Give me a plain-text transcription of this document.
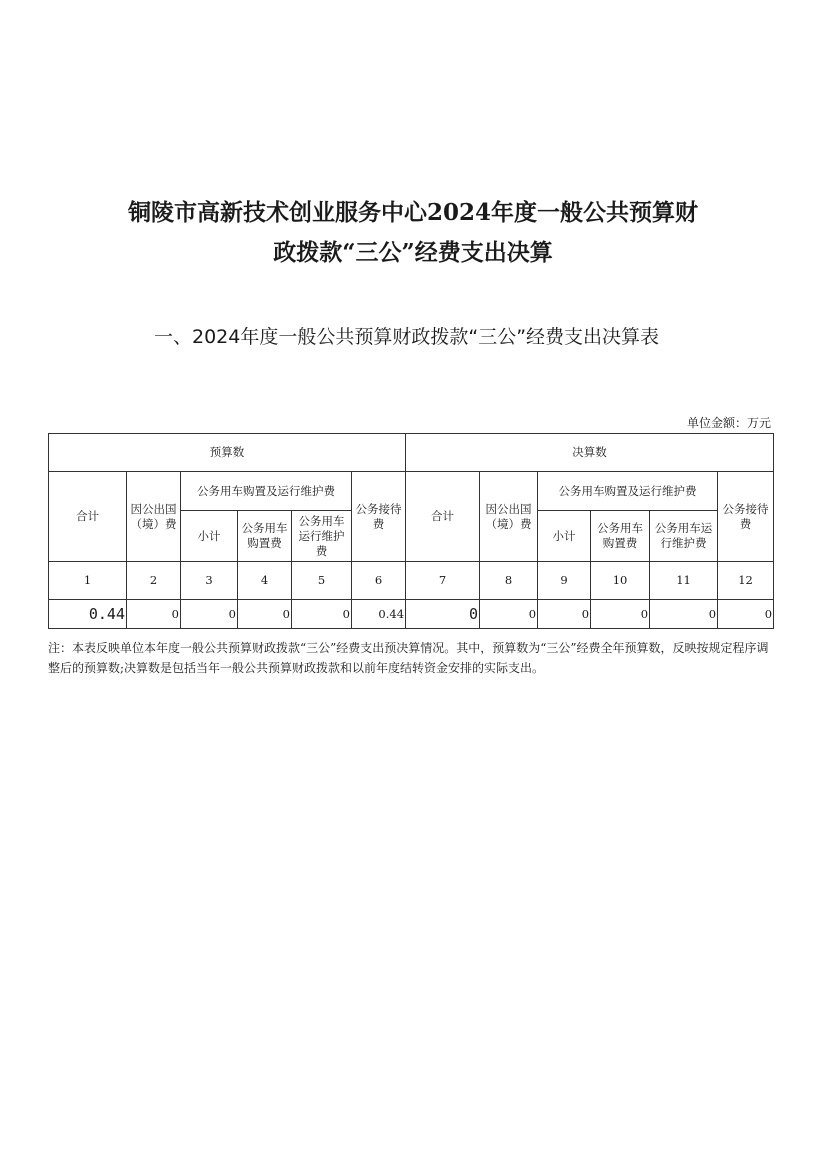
铜陵市高新技术创业服务中心2024年度一般公共预算财
政拨款“三公”经费支出决算

一、2024年度一般公共预算财政拨款“三公”经费支出决算表

单位金额：万元
预算数						决算数					
合计	因公出国（境）费	公务用车购置及运行维护费			公务接待费	合计	因公出国（境）费	公务用车购置及运行维护费			公务接待费
		小计	公务用车购置费	公务用车运行维护费				小计	公务用车购置费	公务用车运行维护费	
1	2	3	4	5	6	7	8	9	10	11	12
0.44	0	0	0	0	0.44	0	0	0	0	0	0

注：本表反映单位本年度一般公共预算财政拨款“三公”经费支出预决算情况。其中，预算数为“三公”经费全年预算数，反映按规定程序调整后的预算数;决算数是包括当年一般公共预算财政拨款和以前年度结转资金安排的实际支出。
